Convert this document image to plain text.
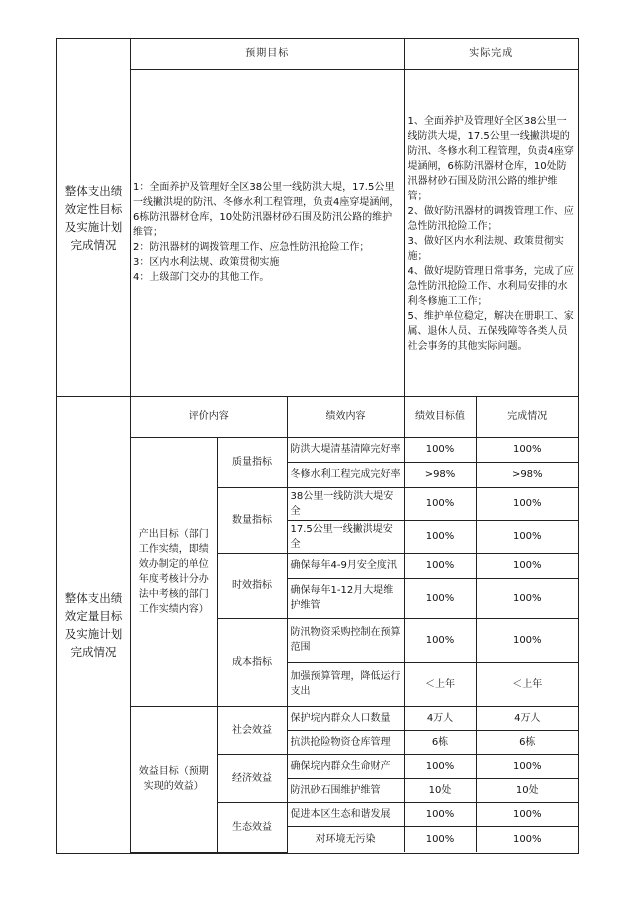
整体支出绩效定性目标及实施计划完成情况	
预期目标	实际完成

1：全面养护及管理好全区38公里一线防洪大堤，17.5公里一线撇洪堤的防汛、冬修水利工程管理，负责4座穿堤涵闸，6栋防汛器材仓库，10处防汛器材砂石围及防汛公路的维护维管；
2：防汛器材的调拨管理工作、应急性防汛抢险工作；
3：区内水利法规、政策贯彻实施
4：上级部门交办的其他工作。

1、全面养护及管理好全区38公里一线防洪大堤，17.5公里一线撇洪堤的防汛、冬修水利工程管理，负责4座穿堤涵闸，6栋防汛器材仓库，10处防汛器材砂石围及防汛公路的维护维管；
2、做好防汛器材的调拨管理工作、应急性防汛抢险工作；
3、做好区内水利法规、政策贯彻实施；
4、做好堤防管理日常事务，完成了应急性防汛抢险工作、水利局安排的水利冬修施工工作；
5、维护单位稳定，解决在册职工、家属、退休人员、五保残障等各类人员社会事务的其他实际问题。

整体支出绩效定量目标及实施计划完成情况	
评价内容	绩效内容	绩效目标值	完成情况
产出目标（部门工作实绩，即绩效办制定的单位年度考核计分办法中考核的部门工作实绩内容）	质量指标	防洪大堤清基清障完好率	100%	100%
冬修水利工程完成完好率	>98%	>98%
数量指标	38公里一线防洪大堤安全	100%	100%
17.5公里一线撇洪堤安全	100%	100%
时效指标	确保每年4-9月安全度汛	100%	100%
确保每年1-12月大堤维护维管	100%	100%
成本指标	防汛物资采购控制在预算范围	100%	100%
加强预算管理，降低运行支出	＜上年	＜上年
效益目标（预期实现的效益）	社会效益	保护垸内群众人口数量	4万人	4万人
抗洪抢险物资仓库管理	6栋	6栋
经济效益	确保垸内群众生命财产	100%	100%
防汛砂石围维护维管	10处	10处
生态效益	促进本区生态和谐发展	100%	100%
对环境无污染	100%	100%
